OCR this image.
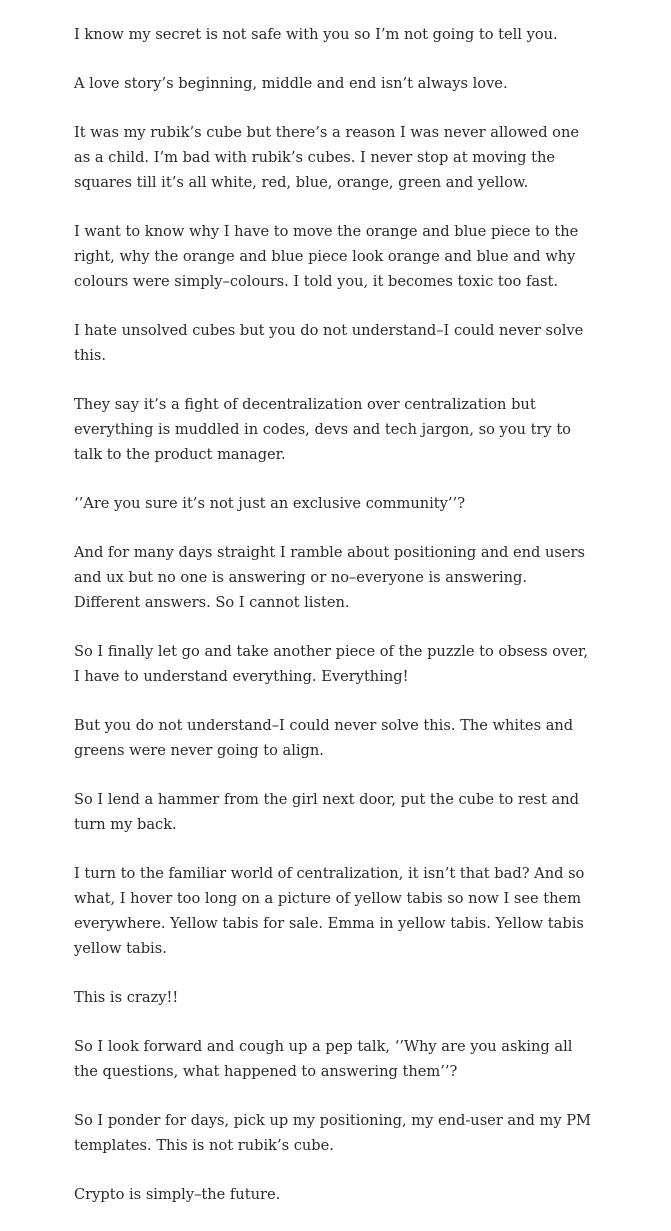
I know my secret is not safe with you so I’m not going to tell you.

A love story’s beginning, middle and end isn’t always love.

It was my rubik’s cube but there’s a reason I was never allowed one as a child. I’m bad with rubik’s cubes. I never stop at moving the squares till it’s all white, red, blue, orange, green and yellow.

I want to know why I have to move the orange and blue piece to the right, why the orange and blue piece look orange and blue and why colours were simply–colours. I told you, it becomes toxic too fast.

I hate unsolved cubes but you do not understand–I could never solve this.

They say it’s a fight of decentralization over centralization but everything is muddled in codes, devs and tech jargon, so you try to talk to the product manager.

‘’Are you sure it’s not just an exclusive community’’?

And for many days straight I ramble about positioning and end users and ux but no one is answering or no–everyone is answering. Different answers. So I cannot listen.

So I finally let go and take another piece of the puzzle to obsess over, I have to understand everything. Everything!

But you do not understand–I could never solve this. The whites and greens were never going to align.

So I lend a hammer from the girl next door, put the cube to rest and turn my back.

I turn to the familiar world of centralization, it isn’t that bad? And so what, I hover too long on a picture of yellow tabis so now I see them everywhere. Yellow tabis for sale. Emma in yellow tabis. Yellow tabis yellow tabis.

This is crazy!!

So I look forward and cough up a pep talk, ‘’Why are you asking all the questions, what happened to answering them’’?

So I ponder for days, pick up my positioning, my end-user and my PM templates. This is not rubik’s cube.

Crypto is simply–the future.
